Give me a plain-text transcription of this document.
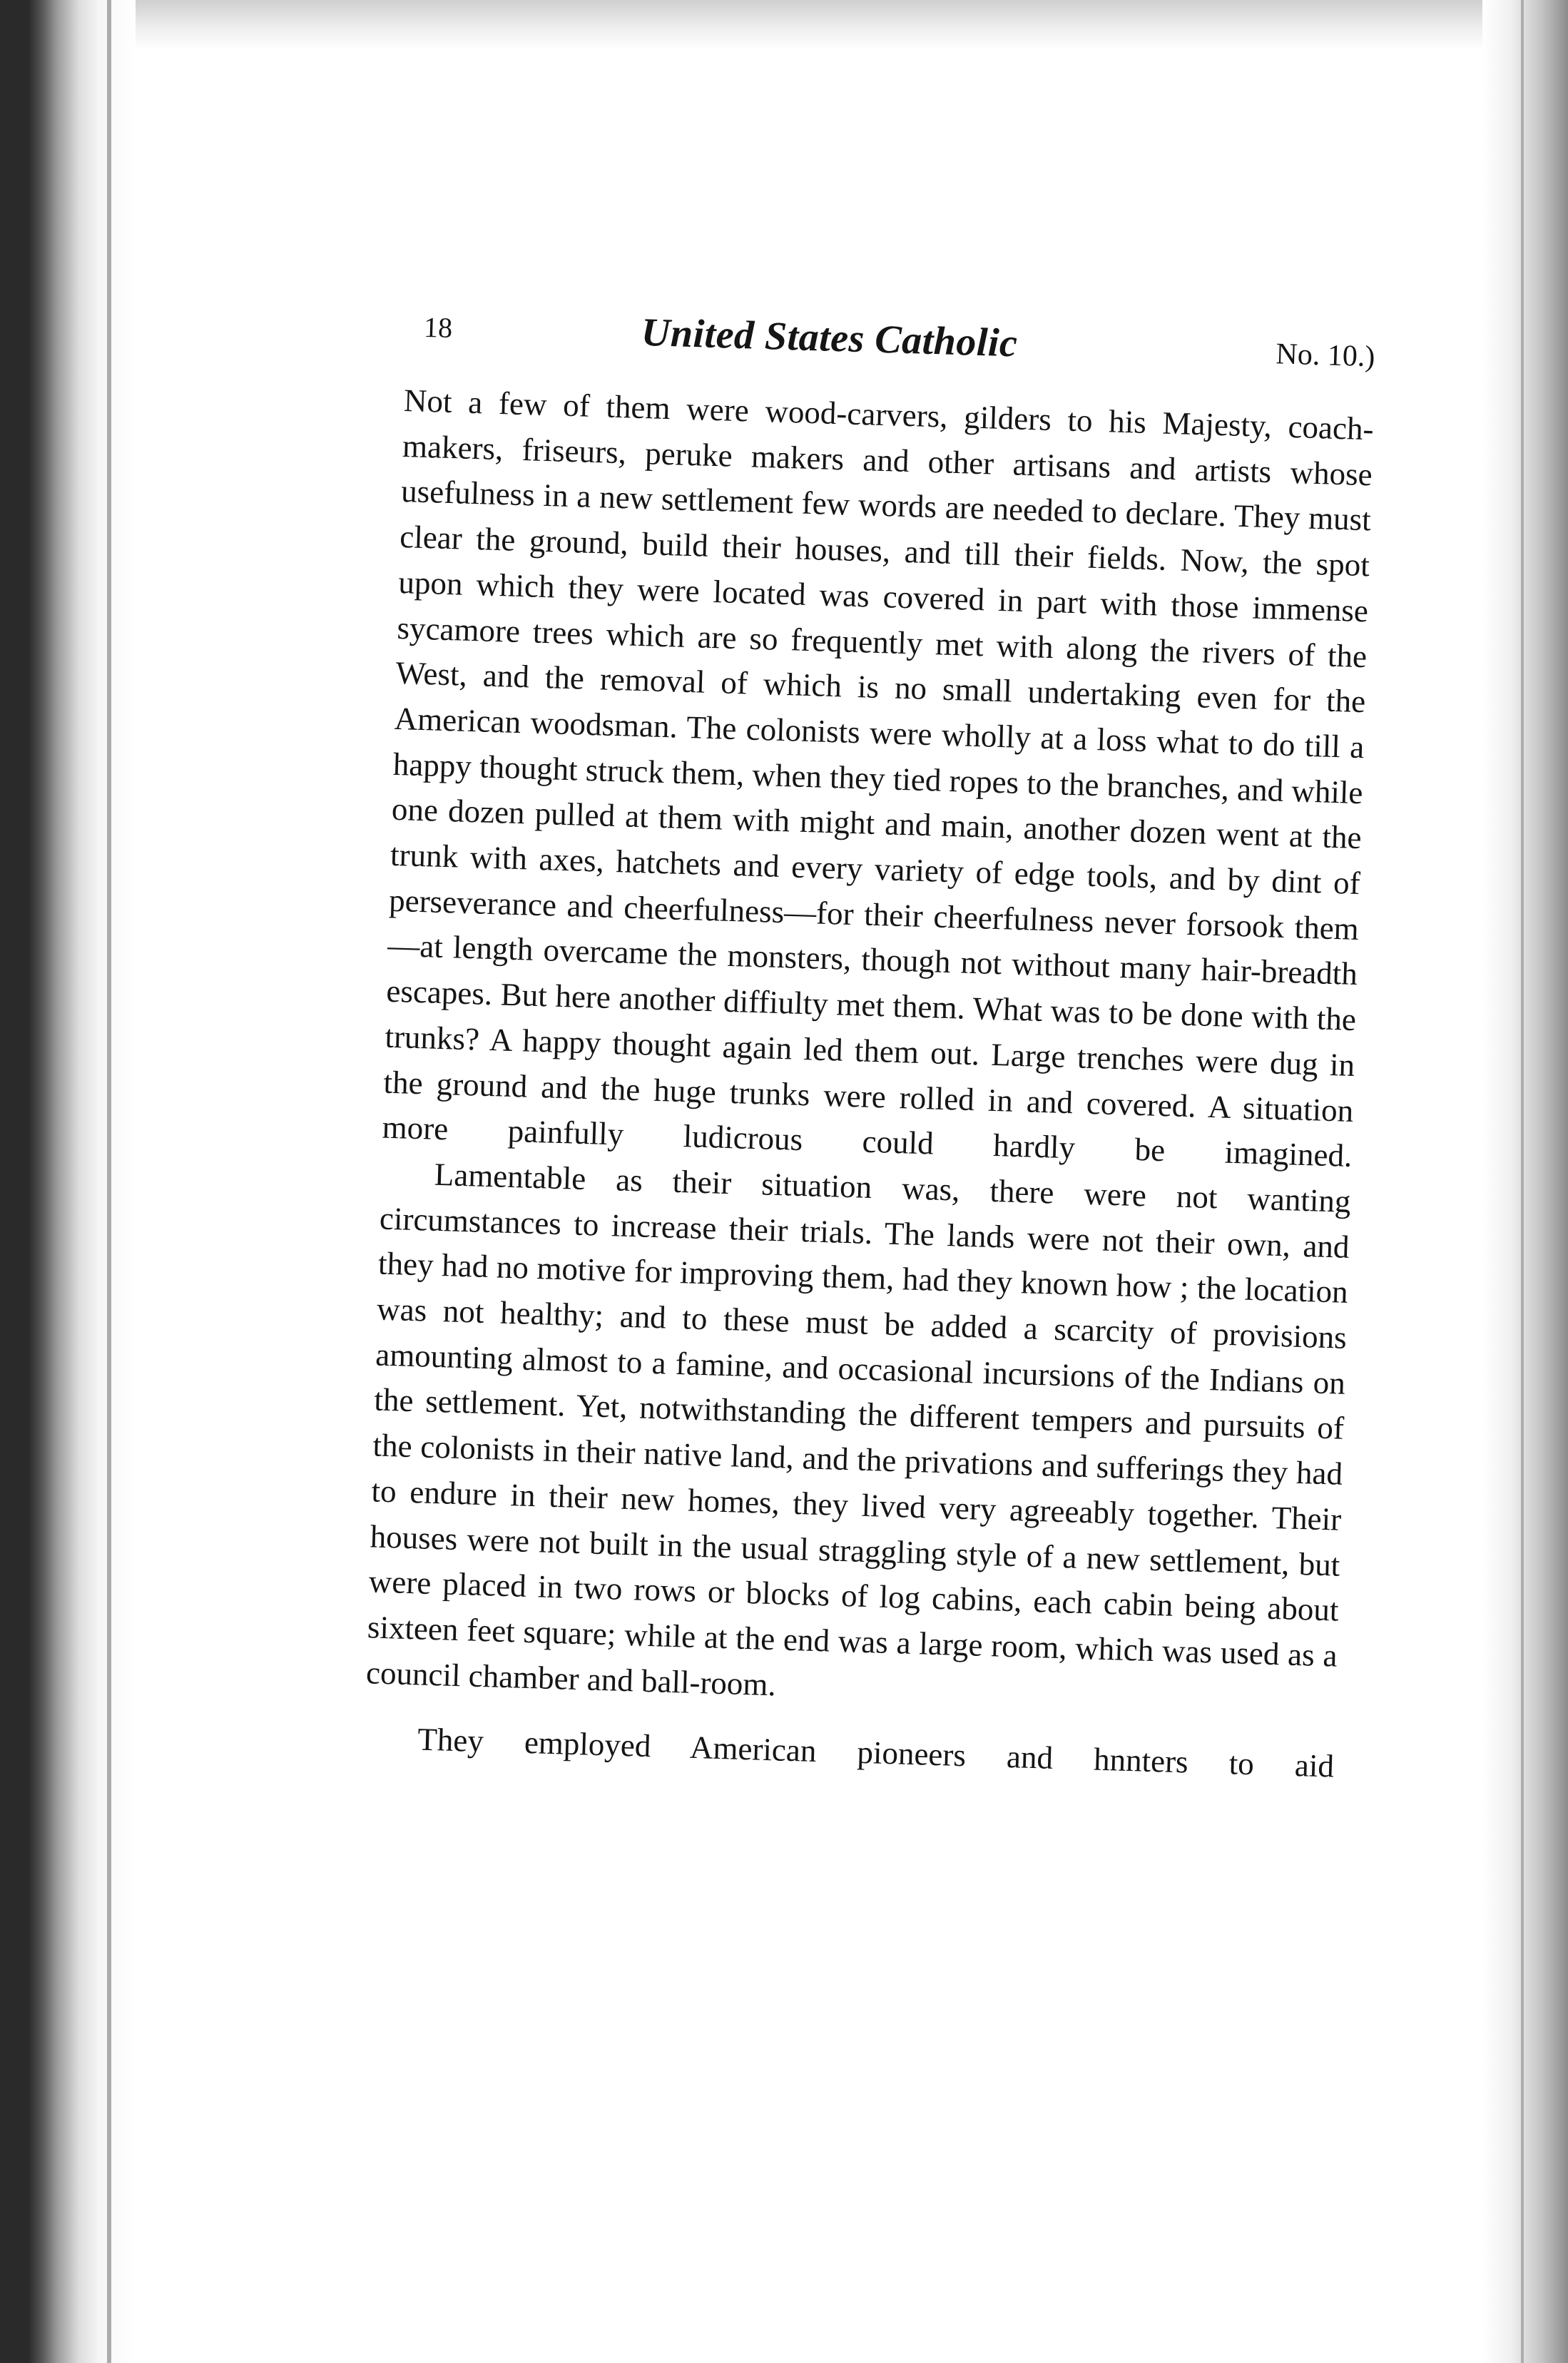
18	United States Catholic	No. 10.)

Not a few of them were wood-carvers, gilders to his Majesty, coach-makers, friseurs, peruke makers and other artisans and artists whose usefulness in a new settlement few words are needed to declare. They must clear the ground, build their houses, and till their fields. Now, the spot upon which they were located was covered in part with those immense sycamore trees which are so frequently met with along the rivers of the West, and the removal of which is no small undertaking even for the American woodsman. The colonists were wholly at a loss what to do till a happy thought struck them, when they tied ropes to the branches, and while one dozen pulled at them with might and main, another dozen went at the trunk with axes, hatchets and every variety of edge tools, and by dint of perseverance and cheerfulness—for their cheerfulness never forsook them—at length overcame the monsters, though not without many hair-breadth escapes. But here another diffiulty met them. What was to be done with the trunks? A happy thought again led them out. Large trenches were dug in the ground and the huge trunks were rolled in and covered. A situation more painfully ludicrous could hardly be imagined.

Lamentable as their situation was, there were not wanting circumstances to increase their trials. The lands were not their own, and they had no motive for improving them, had they known how ; the location was not healthy; and to these must be added a scarcity of provisions amounting almost to a famine, and occasional incursions of the Indians on the settlement. Yet, notwithstanding the different tempers and pursuits of the colonists in their native land, and the privations and sufferings they had to endure in their new homes, they lived very agreeably together. Their houses were not built in the usual straggling style of a new settlement, but were placed in two rows or blocks of log cabins, each cabin being about sixteen feet square; while at the end was a large room, which was used as a council chamber and ball-room.

They employed American pioneers and hnnters to aid
